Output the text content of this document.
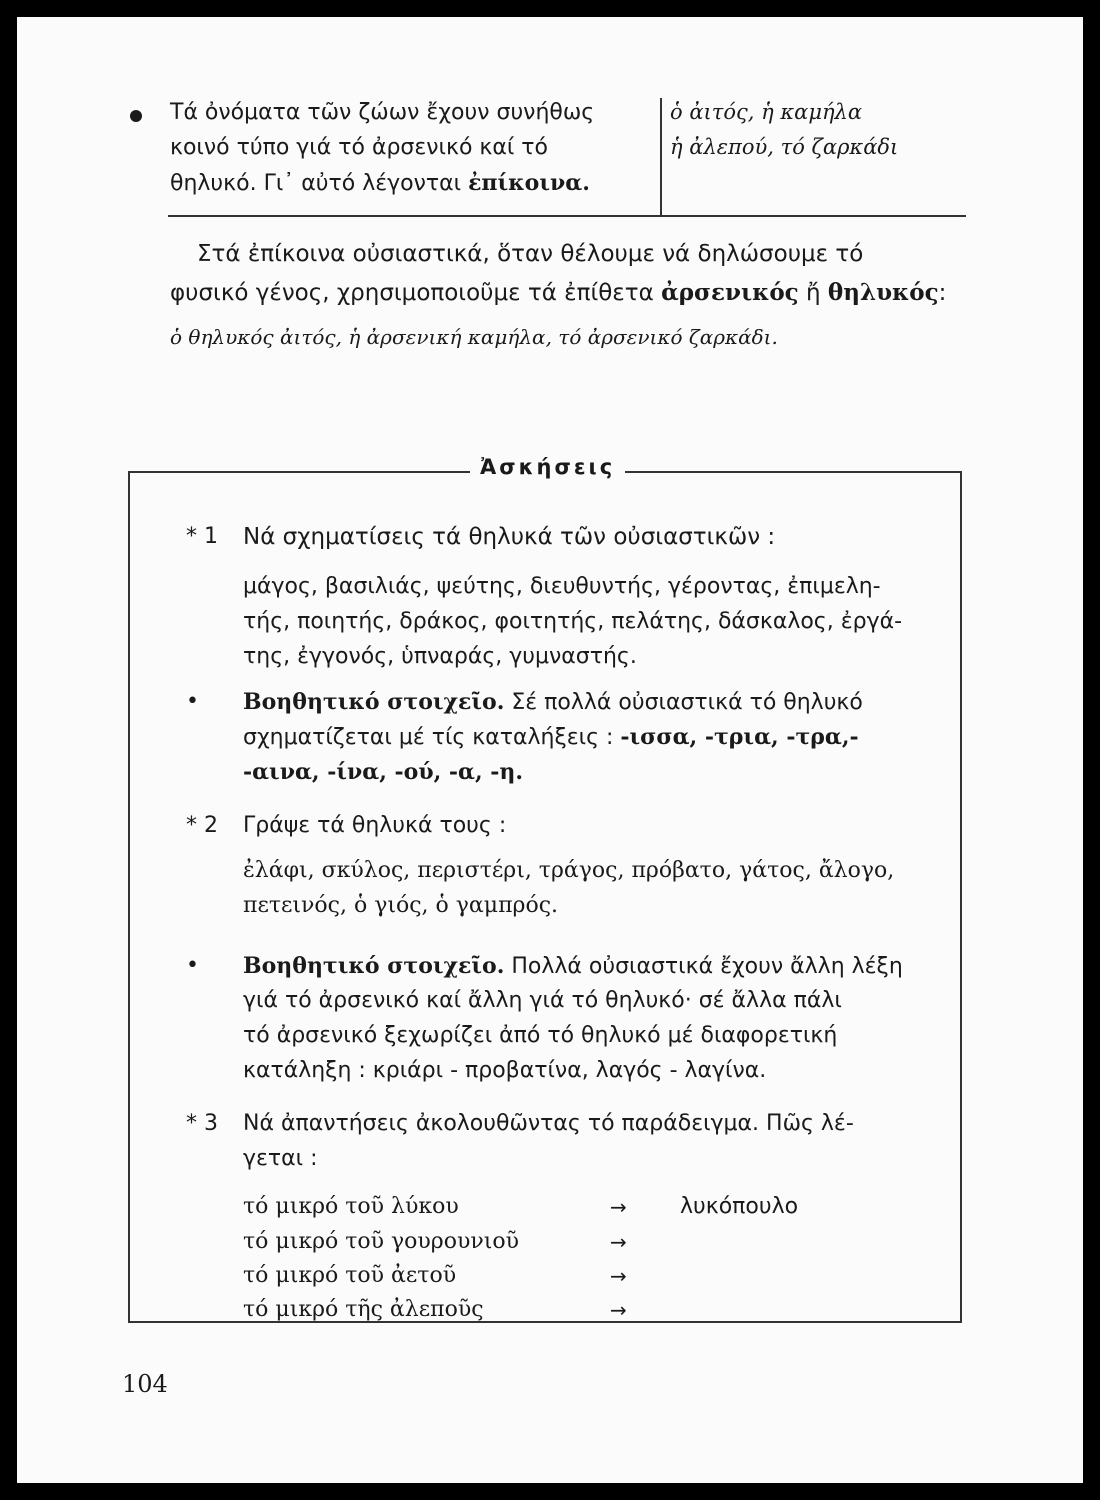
Τά ὀνόματα τῶν ζώων ἔχουν συνήθως
κοινό τύπο γιά τό ἀρσενικό καί τό
θηλυκό. Γι᾽ αὐτό λέγονται ἐπίκοινα.
ὁ ἀιτός, ἡ καμήλα
ἡ ἀλεπού, τό ζαρκάδι
Στά ἐπίκοινα οὐσιαστικά, ὅταν θέλουμε νά δηλώσουμε τό
φυσικό γένος, χρησιμοποιοῦμε τά ἐπίθετα ἀρσενικός ἤ θηλυκός:
ὁ θηλυκός ἀιτός, ἡ ἀρσενική καμήλα, τό ἀρσενικό ζαρκάδι.
Ἀσκήσεις
* 1 Νά σχηματίσεις τά θηλυκά τῶν οὐσιαστικῶν :
μάγος, βασιλιάς, ψεύτης, διευθυντής, γέροντας, ἐπιμελη-
τής, ποιητής, δράκος, φοιτητής, πελάτης, δάσκαλος, ἐργά-
της, ἐγγονός, ὑπναράς, γυμναστής.
• Βοηθητικό στοιχεῖο. Σέ πολλά οὐσιαστικά τό θηλυκό
σχηματίζεται μέ τίς καταλήξεις : -ισσα, -τρια, -τρα,-
-αινα, -ίνα, -ού, -α, -η.
* 2 Γράψε τά θηλυκά τους :
ἐλάφι, σκύλος, περιστέρι, τράγος, πρόβατο, γάτος, ἄλογο,
πετεινός, ὁ γιός, ὁ γαμπρός.
• Βοηθητικό στοιχεῖο. Πολλά οὐσιαστικά ἔχουν ἄλλη λέξη
γιά τό ἀρσενικό καί ἄλλη γιά τό θηλυκό· σέ ἄλλα πάλι
τό ἀρσενικό ξεχωρίζει ἀπό τό θηλυκό μέ διαφορετική
κατάληξη : κριάρι - προβατίνα, λαγός - λαγίνα.
* 3 Νά ἀπαντήσεις ἀκολουθῶντας τό παράδειγμα. Πῶς λέ-
γεται :
τό μικρό τοῦ λύκου	→ λυκόπουλο
τό μικρό τοῦ γουρουνιοῦ	→
τό μικρό τοῦ ἀετοῦ	→
τό μικρό τῆς ἀλεποῦς	→
104
